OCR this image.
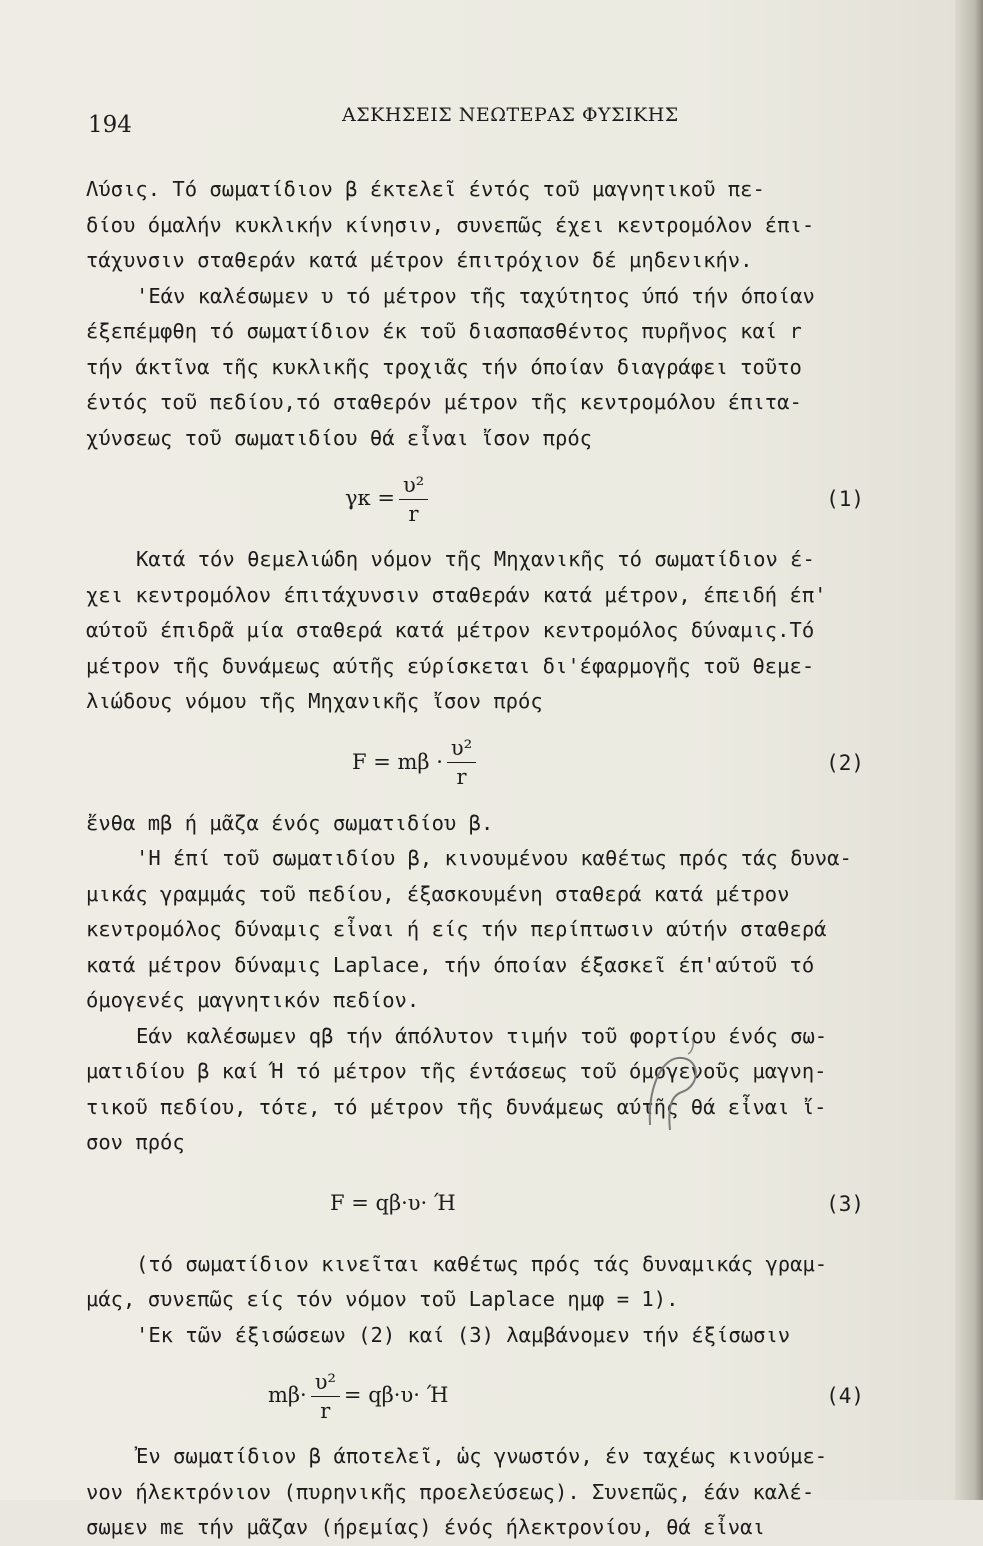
194	ΑΣΚΗΣΕΙΣ ΝΕΩΤΕΡΑΣ ΦΥΣΙΚΗΣ
Λύσις. Τό σωματίδιον β έκτελεῖ έντός τοῦ μαγνητικοῦ πε-
δίου όμαλήν κυκλικήν κίνησιν, συνεπῶς έχει κεντρομόλον έπι-
τάχυνσιν σταθεράν κατά μέτρον έπιτρόχιον δέ μηδενικήν.
'Εάν καλέσωμεν υ τό μέτρον τῆς ταχύτητος ύπό τήν όποίαν
έξεπέμφθη τό σωματίδιον έκ τοῦ διασπασθέντος πυρῆνος καί r
τήν άκτῖνα τῆς κυκλικῆς τροχιᾶς τήν όποίαν διαγράφει τοῦτο
έντός τοῦ πεδίου,τό σταθερόν μέτρον τῆς κεντρομόλου έπιτα-
χύνσεως τοῦ σωματιδίου θά εἶναι ἴσον πρός
$\gamma\kappa = \frac{\text{υ²}}{r}$	(1)
Κατά τόν θεμελιώδη νόμον τῆς Μηχανικῆς τό σωματίδιον έ-
χει κεντρομόλον έπιτάχυνσιν σταθεράν κατά μέτρον, έπειδή έπ'
αύτοῦ έπιδρᾶ μία σταθερά κατά μέτρον κεντρομόλος δύναμις.Τό
μέτρον τῆς δυνάμεως αύτῆς εύρίσκεται δι'έφαρμογῆς τοῦ θεμε-
λιώδους νόμου τῆς Μηχανικῆς ἴσον πρός
$F = m\beta \cdot \frac{\text{υ²}}{r}$	(2)
ἔνθα mβ ή μᾶζα ένός σωματιδίου β.
'Η έπί τοῦ σωματιδίου β, κινουμένου καθέτως πρός τάς δυνα-
μικάς γραμμάς τοῦ πεδίου, έξασκουμένη σταθερά κατά μέτρον
κεντρομόλος δύναμις εἶναι ή είς τήν περίπτωσιν αύτήν σταθερά
κατά μέτρον δύναμις Laplace, τήν όποίαν έξασκεῖ έπ'αύτοῦ τό
όμογενές μαγνητικόν πεδίον.
Εάν καλέσωμεν qβ τήν άπόλυτον τιμήν τοῦ φορτίου ένός σω-
ματιδίου β καί Ή τό μέτρον τῆς έντάσεως τοῦ όμογενοῦς μαγνη-
τικοῦ πεδίου, τότε, τό μέτρον τῆς δυνάμεως αύτῆς θά εἶναι ἴ-
σον πρός
F = qβ·υ· Ή	(3)
(τό σωματίδιον κινεῖται καθέτως πρός τάς δυναμικάς γραμ-
μάς, συνεπῶς είς τόν νόμον τοῦ Laplace ημφ = 1).
'Εκ τῶν έξισώσεων (2) καί (3) λαμβάνομεν τήν έξίσωσιν
$m\beta\cdot \frac{\text{υ²}}{r} = q\beta\cdot\upsilon\cdot Ή$	(4)
Ἐν σωματίδιον β άποτελεῖ, ὡς γνωστόν, έν ταχέως κινούμε-
νον ήλεκτρόνιον (πυρηνικῆς προελεύσεως). Συνεπῶς, έάν καλέ-
σωμεν mε τήν μᾶζαν (ήρεμίας) ένός ήλεκτρονίου, θά εἶναι
